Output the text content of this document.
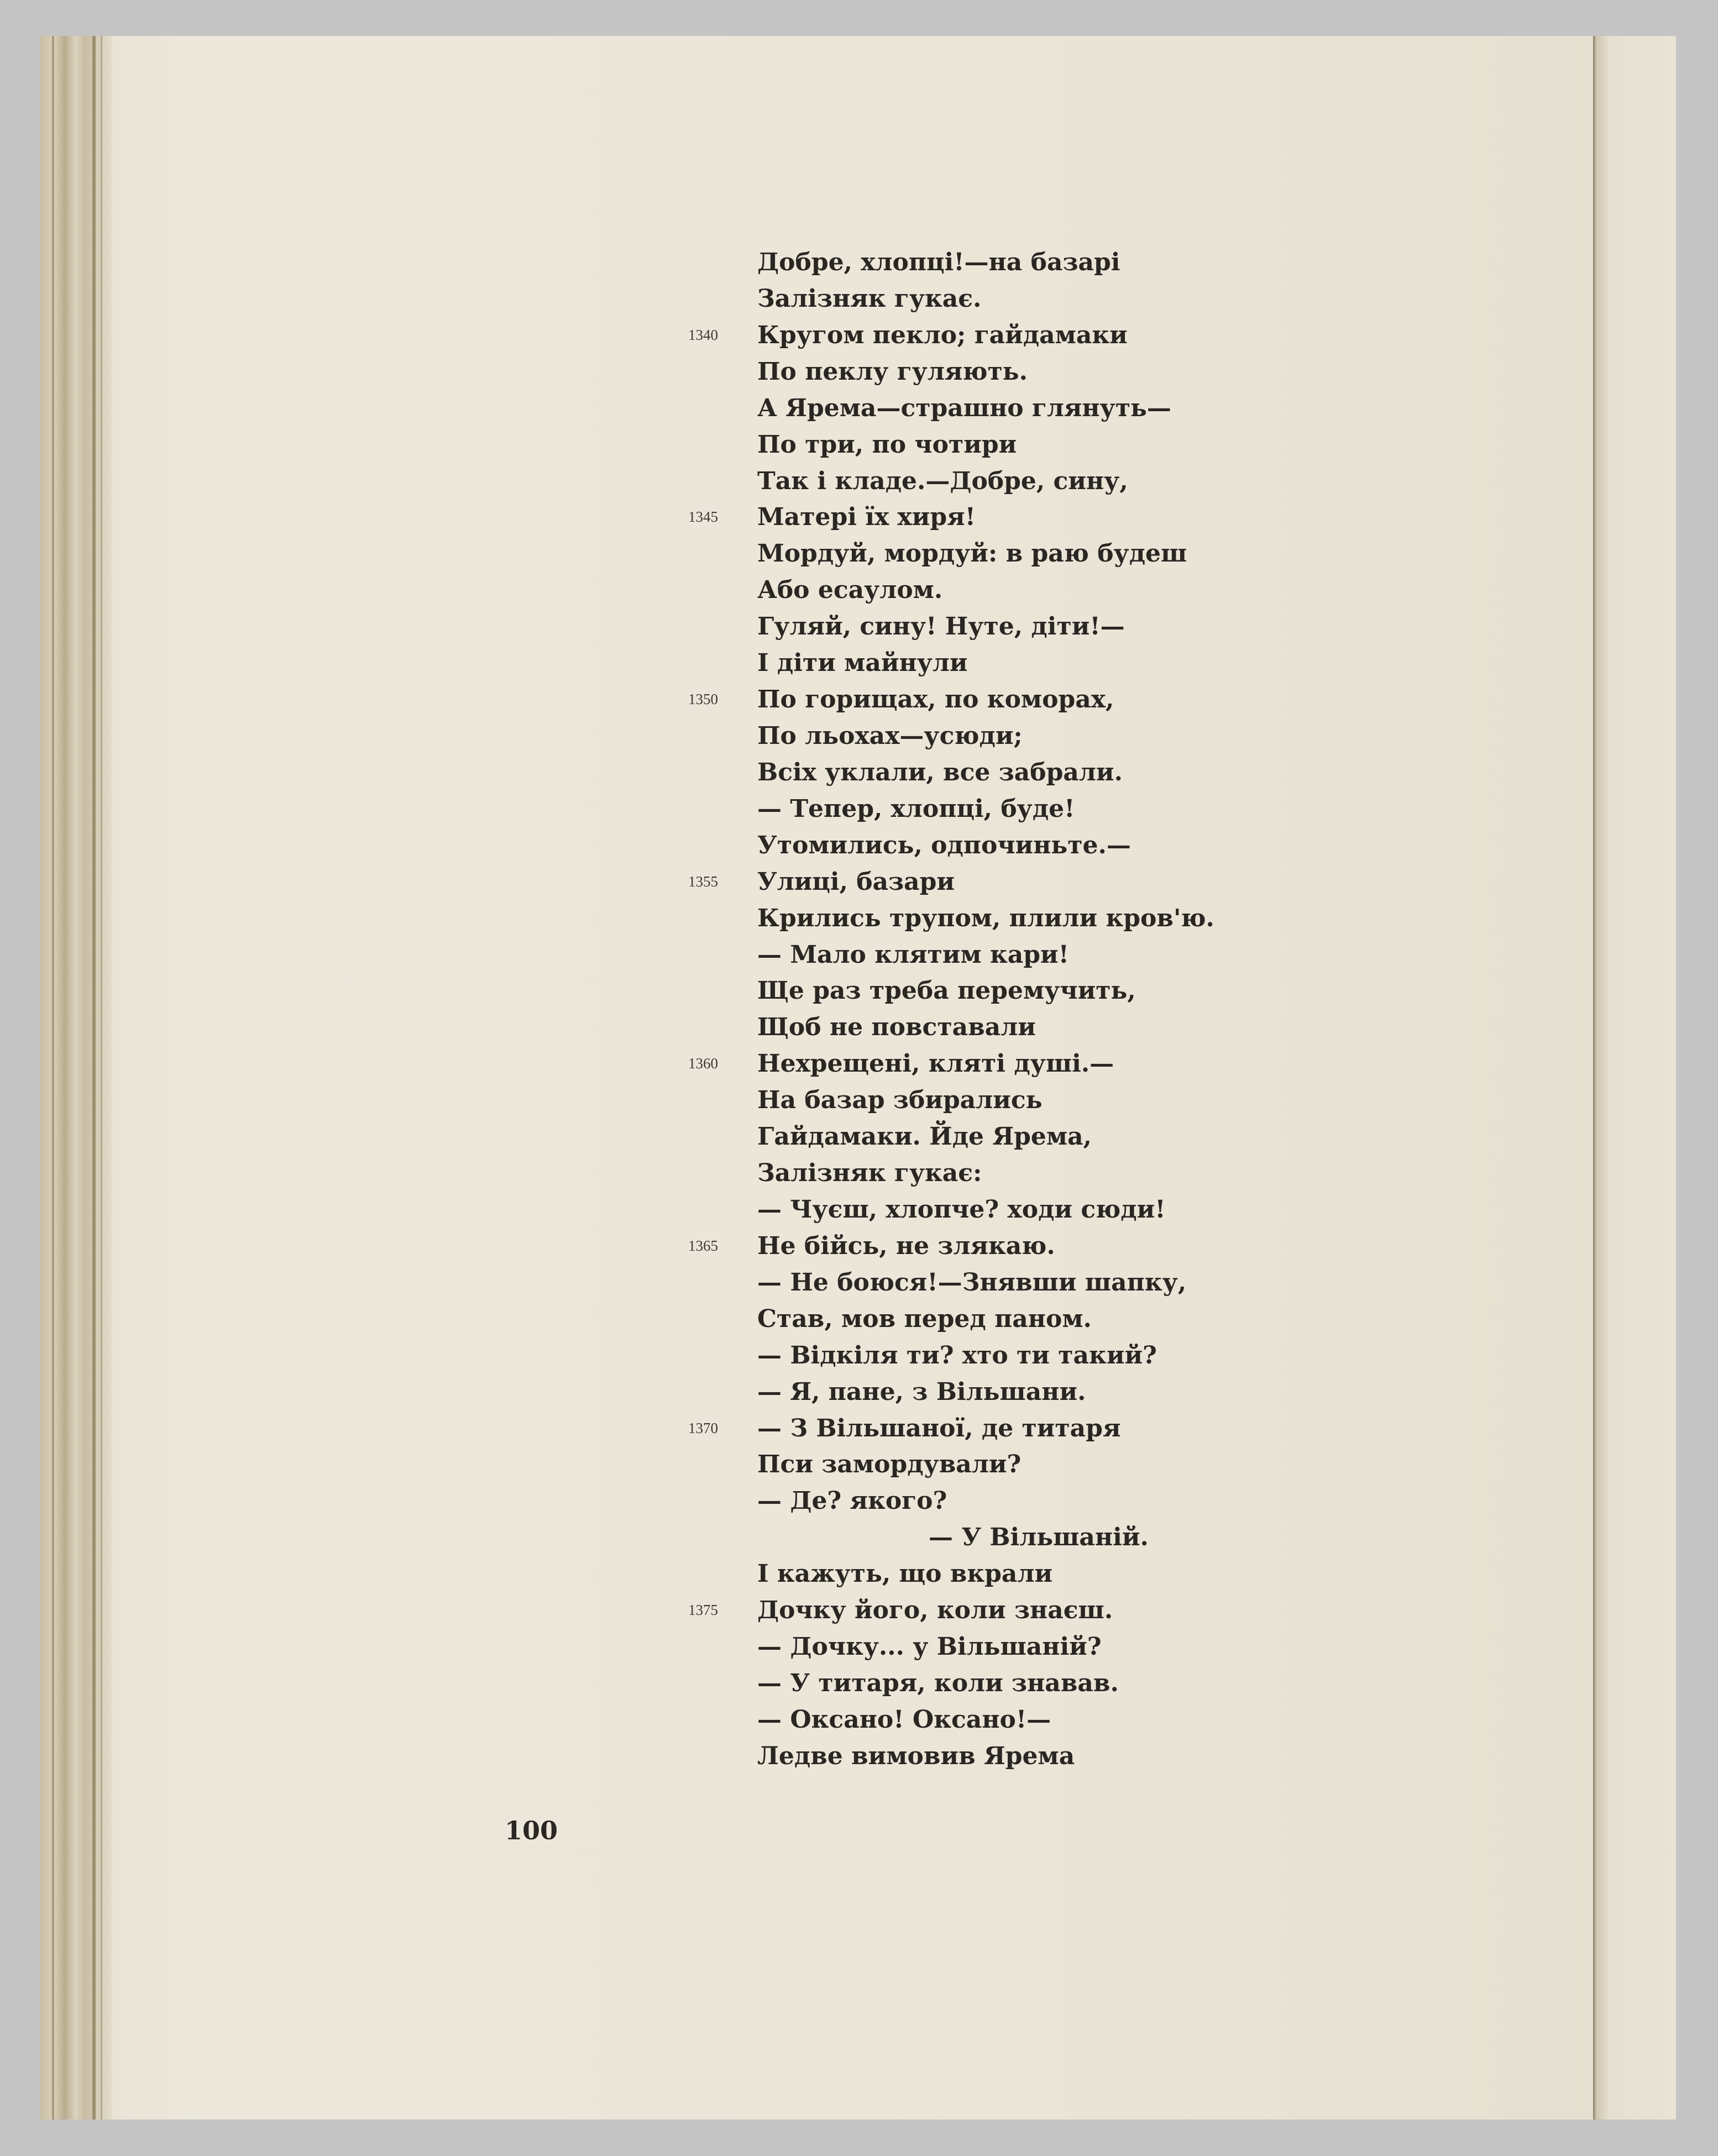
Добре, хлопці!—на базарі
Залізняк гукає.
1340 Кругом пекло; гайдамаки
По пеклу гуляють.
А Ярема—страшно глянуть—
По три, по чотири
Так і кладе.—Добре, сину,
1345 Матері їх хиря!
Мордуй, мордуй: в раю будеш
Або есаулом.
Гуляй, сину! Нуте, діти!—
І діти майнули
1350 По горищах, по коморах,
По льохах—усюди;
Всіх уклали, все забрали.
— Тепер, хлопці, буде!
Утомились, одпочиньте.—
1355 Улиці, базари
Крились трупом, плили кров'ю.
— Мало клятим кари!
Ще раз треба перемучить,
Щоб не повставали
1360 Нехрещені, кляті душі.—
На базар збирались
Гайдамаки. Йде Ярема,
Залізняк гукає:
— Чуєш, хлопче? ходи сюди!
1365 Не бійсь, не злякаю.
— Не боюся!—Знявши шапку,
Став, мов перед паном.
— Відкіля ти? хто ти такий?
— Я, пане, з Вільшани.
1370 — З Вільшаної, де титаря
Пси замордували?
— Де? якого?
— У Вільшаній.
І кажуть, що вкрали
1375 Дочку його, коли знаєш.
— Дочку... у Вільшаній?
— У титаря, коли знавав.
— Оксано! Оксано!—
Ледве вимовив Ярема
100
